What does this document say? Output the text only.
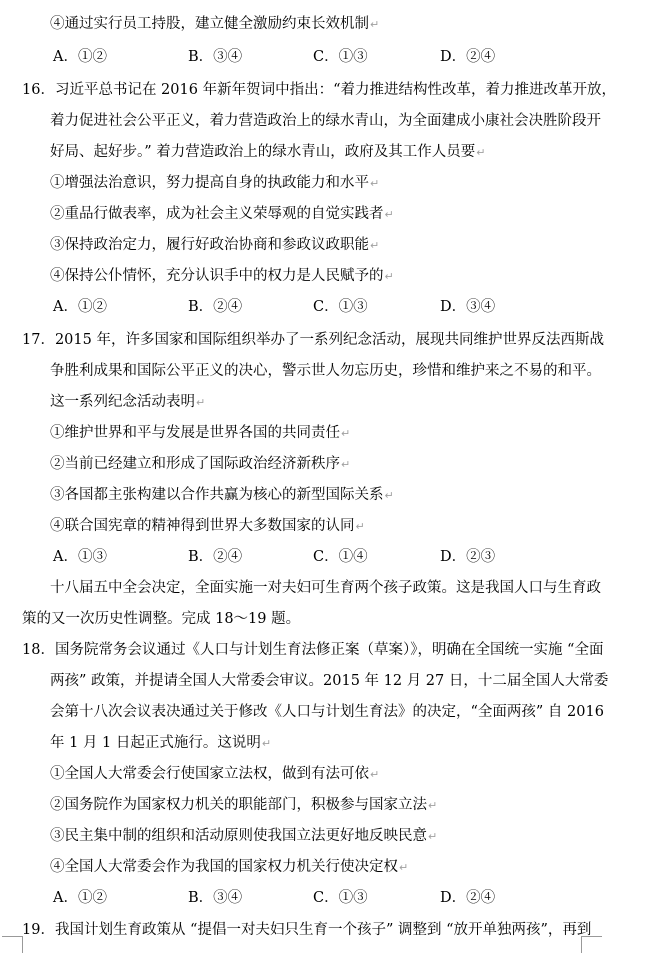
④通过实行员工持股，建立健全激励约束长效机制↵
A．①②	B．③④	C．①③	D．②④
16．习近平总书记在 2016 年新年贺词中指出：“着力推进结构性改革，着力推进改革开放，
着力促进社会公平正义，着力营造政治上的绿水青山，为全面建成小康社会决胜阶段开
好局、起好步。” 着力营造政治上的绿水青山，政府及其工作人员要↵
①增强法治意识，努力提高自身的执政能力和水平↵
②重品行做表率，成为社会主义荣辱观的自觉实践者↵
③保持政治定力，履行好政治协商和参政议政职能↵
④保持公仆情怀，充分认识手中的权力是人民赋予的↵
A．①②	B．②④	C．①③	D．③④
17．2015 年，许多国家和国际组织举办了一系列纪念活动，展现共同维护世界反法西斯战
争胜利成果和国际公平正义的决心，警示世人勿忘历史，珍惜和维护来之不易的和平。
这一系列纪念活动表明↵
①维护世界和平与发展是世界各国的共同责任↵
②当前已经建立和形成了国际政治经济新秩序↵
③各国都主张构建以合作共赢为核心的新型国际关系↵
④联合国宪章的精神得到世界大多数国家的认同↵
A．①③	B．②④	C．①④	D．②③
十八届五中全会决定，全面实施一对夫妇可生育两个孩子政策。这是我国人口与生育政
策的又一次历史性调整。完成 18～19 题。
18．国务院常务会议通过《人口与计划生育法修正案（草案）》，明确在全国统一实施 “全面
两孩” 政策，并提请全国人大常委会审议。2015 年 12 月 27 日，十二届全国人大常委
会第十八次会议表决通过关于修改《人口与计划生育法》的决定，“全面两孩” 自 2016
年 1 月 1 日起正式施行。这说明↵
①全国人大常委会行使国家立法权，做到有法可依↵
②国务院作为国家权力机关的职能部门，积极参与国家立法↵
③民主集中制的组织和活动原则使我国立法更好地反映民意↵
④全国人大常委会作为我国的国家权力机关行使决定权↵
A．①②	B．③④	C．①③	D．②④
19．我国计划生育政策从 “提倡一对夫妇只生育一个孩子” 调整到 “放开单独两孩”，再到
